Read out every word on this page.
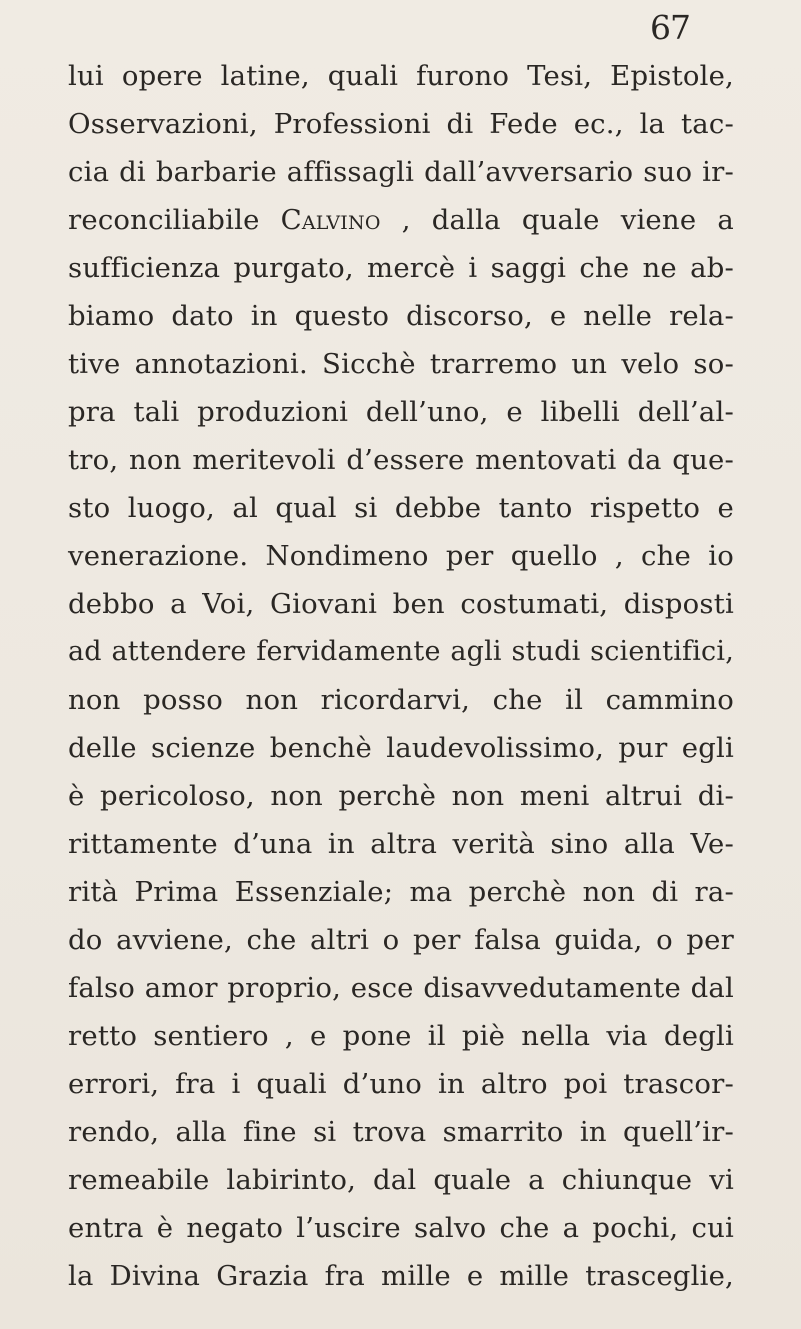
67
lui opere latine, quali furono Tesi, Epistole,
Osservazioni, Professioni di Fede ec., la tac-
cia di barbarie affissagli dall’avversario suo ir-
reconciliabile Calvino , dalla quale viene a
sufficienza purgato, mercè i saggi che ne ab-
biamo dato in questo discorso, e nelle rela-
tive annotazioni. Sicchè trarremo un velo so-
pra tali produzioni dell’uno, e libelli dell’al-
tro, non meritevoli d’essere mentovati da que-
sto luogo, al qual si debbe tanto rispetto e
venerazione. Nondimeno per quello , che io
debbo a Voi, Giovani ben costumati, disposti
ad attendere fervidamente agli studi scientifici,
non posso non ricordarvi, che il cammino
delle scienze benchè laudevolissimo, pur egli
è pericoloso, non perchè non meni altrui di-
rittamente d’una in altra verità sino alla Ve-
rità Prima Essenziale; ma perchè non di ra-
do avviene, che altri o per falsa guida, o per
falso amor proprio, esce disavvedutamente dal
retto sentiero , e pone il piè nella via degli
errori, fra i quali d’uno in altro poi trascor-
rendo, alla fine si trova smarrito in quell’ir-
remeabile labirinto, dal quale a chiunque vi
entra è negato l’uscire salvo che a pochi, cui
la Divina Grazia fra mille e mille trasceglie,
